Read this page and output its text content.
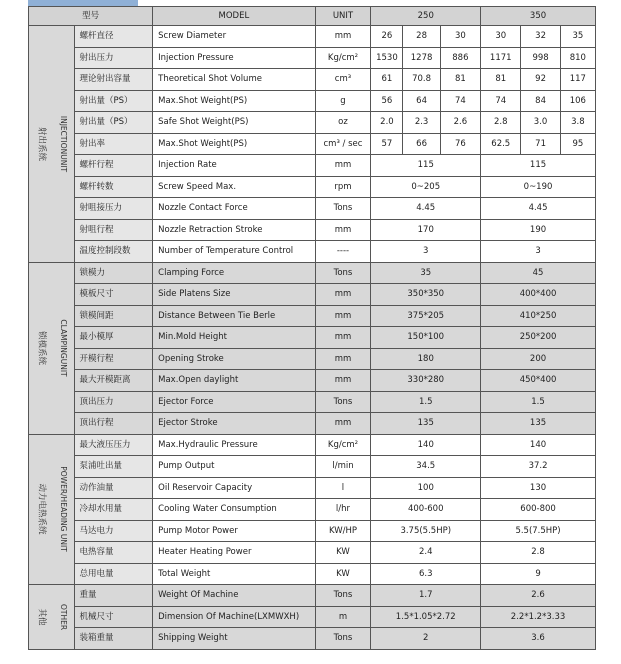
型号			MODEL	UNIT	250			350		

射出系统	INJECTIONUNIT	螺杆直径	Screw Diameter	mm	26	28	30	30	32	35
		射出压力	Injection Pressure	Kg/cm²	1530	1278	886	1171	998	810
		理论射出容量	Theoretical Shot Volume	cm³	61	70.8	81	81	92	117
		射出量（PS）	Max.Shot Weight(PS)	g	56	64	74	74	84	106
		射出量（PS）	Safe Shot Weight(PS)	oz	2.0	2.3	2.6	2.8	3.0	3.8
		射出率	Max.Shot Weight(PS)	cm³ / sec	57	66	76	62.5	71	95
		螺杆行程	Injection Rate	mm	115			115		
		螺杆转数	Screw Speed Max.	rpm	0~205			0~190		
		射咀接压力	Nozzle Contact Force	Tons	4.45			4.45		
		射咀行程	Nozzle Retraction Stroke	mm	170			190		
		温度控制段数	Number of Temperature Control	----	3			3		

锁模系统	CLAMPINGUNIT	锁模力	Clamping Force	Tons	35			45		
		模板尺寸	Side Platens Size	mm	350*350			400*400		
		锁模间距	Distance Between Tie Berle	mm	375*205			410*250		
		最小模厚	Min.Mold Height	mm	150*100			250*200		
		开模行程	Opening Stroke	mm	180			200		
		最大开模距离	Max.Open daylight	mm	330*280			450*400		
		顶出压力	Ejector Force	Tons	1.5			1.5		
		顶出行程	Ejector Stroke	mm	135			135		

动力电热系统	POWER/HEADING UNIT	最大液压压力	Max.Hydraulic Pressure	Kg/cm²	140			140		
		泵浦吐出量	Pump Output	l/min	34.5			37.2		
		动作油量	Oil Reservoir Capacity	l	100			130		
		冷却水用量	Cooling Water Consumption	l/hr	400-600			600-800		
		马达电力	Pump Motor Power	KW/HP	3.75(5.5HP)			5.5(7.5HP)		
		电热容量	Heater Heating Power	KW	2.4			2.8		
		总用电量	Total Weight	KW	6.3			9		

其他	OTHER	重量	Weight Of Machine	Tons	1.7			2.6		
		机械尺寸	Dimension Of Machine(LXMWXH)	m	1.5*1.05*2.72			2.2*1.2*3.33		
		装箱重量	Shipping Weight	Tons	2			3.6		
